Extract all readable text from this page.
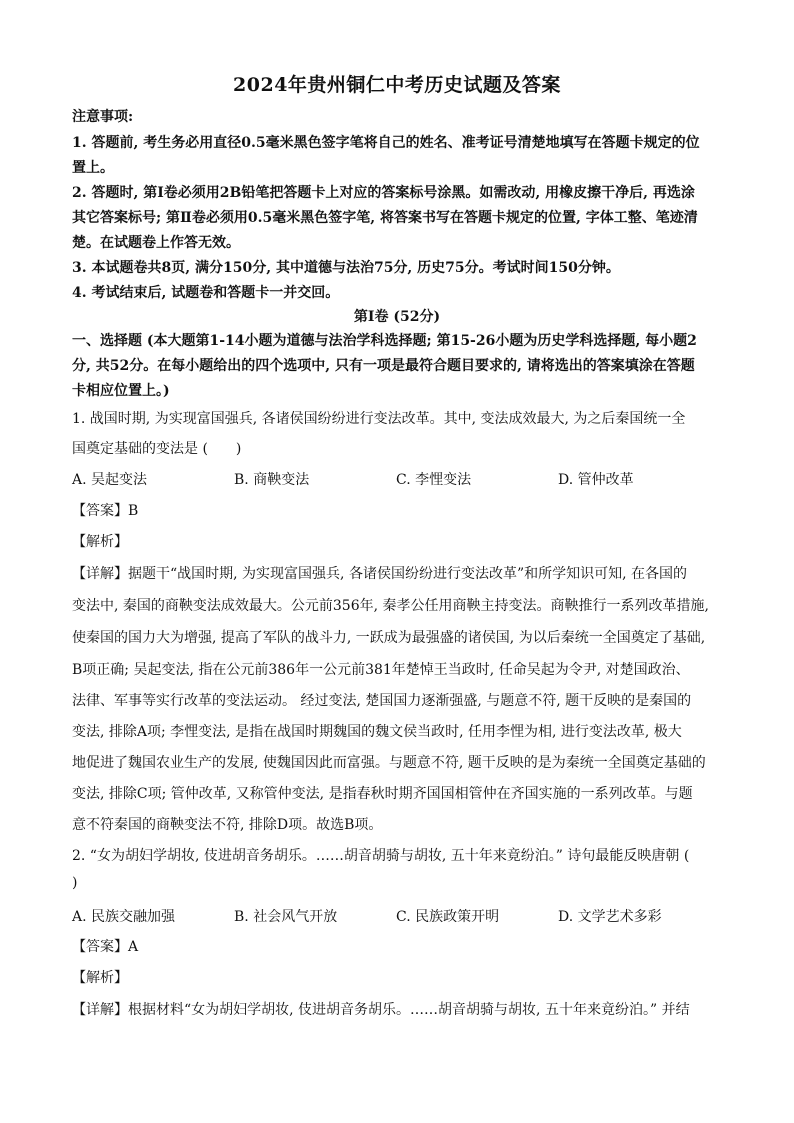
2024年贵州铜仁中考历史试题及答案
注意事项:
1. 答题前, 考生务必用直径0.5毫米黑色签字笔将自己的姓名、准考证号清楚地填写在答题卡规定的位
置上。
2. 答题时, 第Ⅰ卷必须用2B铅笔把答题卡上对应的答案标号涂黑。如需改动, 用橡皮擦干净后, 再选涂
其它答案标号; 第Ⅱ卷必须用0.5毫米黑色签字笔, 将答案书写在答题卡规定的位置, 字体工整、笔迹清
楚。在试题卷上作答无效。
3. 本试题卷共8页, 满分150分, 其中道德与法治75分, 历史75分。考试时间150分钟。
4. 考试结束后, 试题卷和答题卡一并交回。
第Ⅰ卷 (52分)
一、选择题 (本大题第1-14小题为道德与法治学科选择题; 第15-26小题为历史学科选择题, 每小题2
分, 共52分。在每小题给出的四个选项中, 只有一项是最符合题目要求的, 请将选出的答案填涂在答题
卡相应位置上。)
1. 战国时期, 为实现富国强兵, 各诸侯国纷纷进行变法改革。其中, 变法成效最大, 为之后秦国统一全
国奠定基础的变法是 (　　)
A. 吴起变法	B. 商鞅变法	C. 李悝变法	D. 管仲改革
【答案】B
【解析】
【详解】据题干“战国时期, 为实现富国强兵, 各诸侯国纷纷进行变法改革”和所学知识可知, 在各国的
变法中, 秦国的商鞅变法成效最大。公元前356年, 秦孝公任用商鞅主持变法。商鞅推行一系列改革措施,
使秦国的国力大为增强, 提高了军队的战斗力, 一跃成为最强盛的诸侯国, 为以后秦统一全国奠定了基础,
B项正确; 吴起变法, 指在公元前386年一公元前381年楚悼王当政时, 任命吴起为令尹, 对楚国政治、
法律、军事等实行改革的变法运动。 经过变法, 楚国国力逐渐强盛, 与题意不符, 题干反映的是秦国的
变法, 排除A项; 李悝变法, 是指在战国时期魏国的魏文侯当政时, 任用李悝为相, 进行变法改革, 极大
地促进了魏国农业生产的发展, 使魏国因此而富强。与题意不符, 题干反映的是为秦统一全国奠定基础的
变法, 排除C项; 管仲改革, 又称管仲变法, 是指春秋时期齐国国相管仲在齐国实施的一系列改革。与题
意不符秦国的商鞅变法不符, 排除D项。故选B项。
2. “女为胡妇学胡妆, 伎进胡音务胡乐。……胡音胡骑与胡妆, 五十年来竟纷泊。” 诗句最能反映唐朝 (
)
A. 民族交融加强	B. 社会风气开放	C. 民族政策开明	D. 文学艺术多彩
【答案】A
【解析】
【详解】根据材料“女为胡妇学胡妆, 伎进胡音务胡乐。……胡音胡骑与胡妆, 五十年来竟纷泊。” 并结
